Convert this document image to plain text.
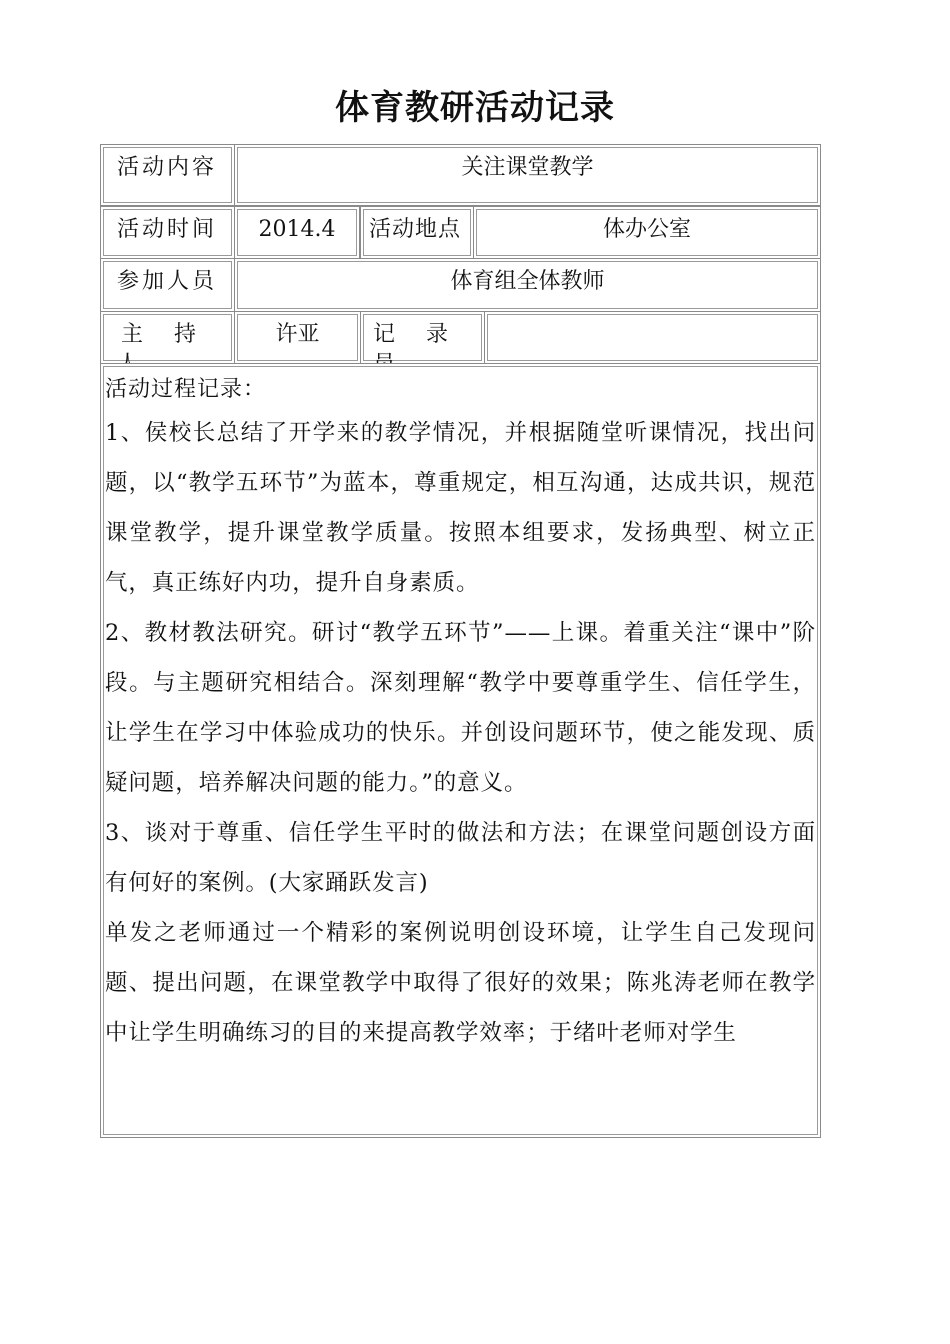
体育教研活动记录
活动内容	关注课堂教学
活动时间	2014.4	活动地点	体办公室
参加人员	体育组全体教师
主 持	许亚	记 录
活动过程记录：
1、侯校长总结了开学来的教学情况，并根据随堂听课情况，找出问题，以“教学五环节”为蓝本，尊重规定，相互沟通，达成共识，规范课堂教学，提升课堂教学质量。按照本组要求，发扬典型、树立正气，真正练好内功，提升自身素质。
2、教材教法研究。研讨“教学五环节”——上课。着重关注“课中”阶段。与主题研究相结合。深刻理解“教学中要尊重学生、信任学生，让学生在学习中体验成功的快乐。并创设问题环节，使之能发现、质疑问题，培养解决问题的能力。”的意义。
3、谈对于尊重、信任学生平时的做法和方法；在课堂问题创设方面有何好的案例。(大家踊跃发言)
单发之老师通过一个精彩的案例说明创设环境，让学生自己发现问题、提出问题，在课堂教学中取得了很好的效果；陈兆涛老师在教学中让学生明确练习的目的来提高教学效率；于绪叶老师对学生
